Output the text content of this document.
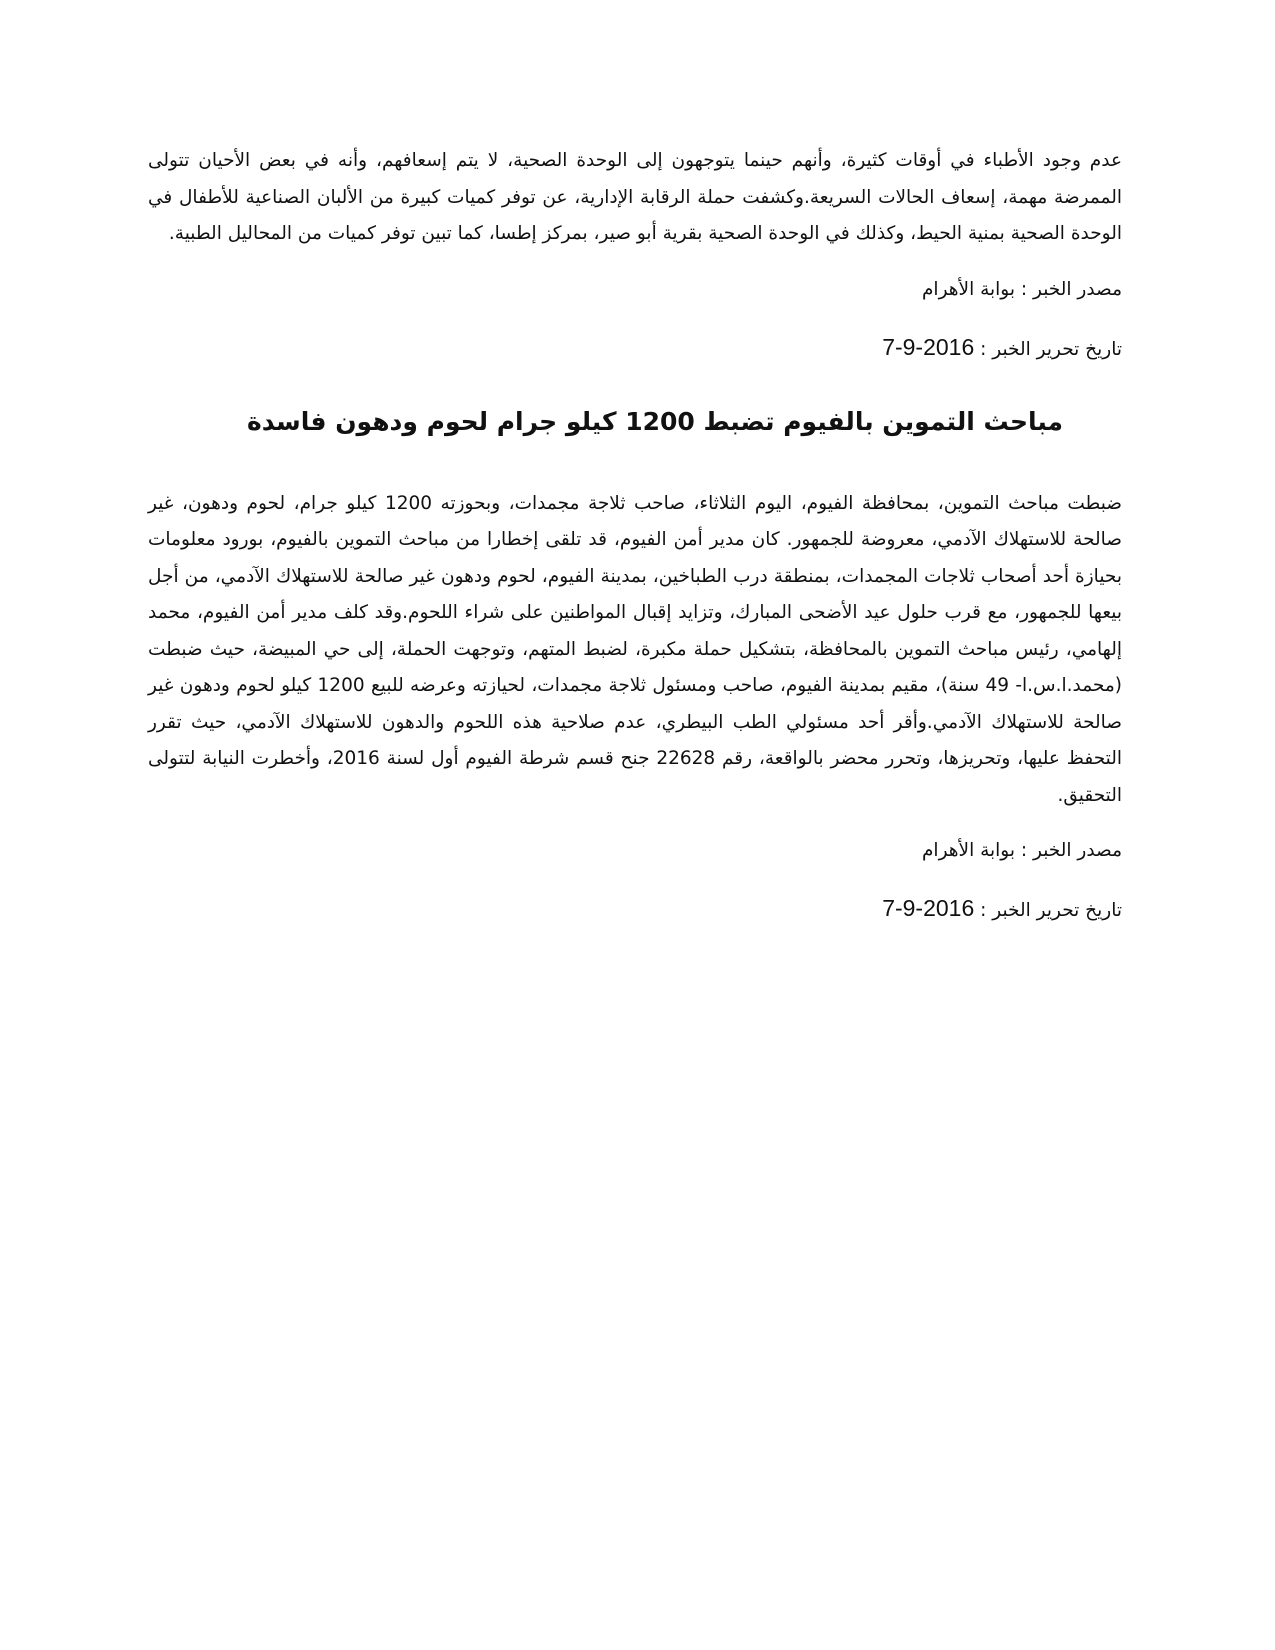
عدم وجود الأطباء في أوقات كثيرة، وأنهم حينما يتوجهون إلى الوحدة الصحية، لا يتم إسعافهم، وأنه في بعض الأحيان تتولى الممرضة مهمة، إسعاف الحالات السريعة.وكشفت حملة الرقابة الإدارية، عن توفر كميات كبيرة من الألبان الصناعية للأطفال في الوحدة الصحية بمنية الحيط، وكذلك في الوحدة الصحية بقرية أبو صير، بمركز إطسا، كما تبين توفر كميات من المحاليل الطبية.

مصدر الخبر : بوابة الأهرام

تاريخ تحرير الخبر : 7-9-2016

مباحث التموين بالفيوم تضبط 1200 كيلو جرام لحوم ودهون فاسدة

ضبطت مباحث التموين، بمحافظة الفيوم، اليوم الثلاثاء، صاحب ثلاجة مجمدات، وبحوزته 1200 كيلو جرام، لحوم ودهون، غير صالحة للاستهلاك الآدمي، معروضة للجمهور. كان مدير أمن الفيوم، قد تلقى إخطارا من مباحث التموين بالفيوم، بورود معلومات بحيازة أحد أصحاب ثلاجات المجمدات، بمنطقة درب الطباخين، بمدينة الفيوم، لحوم ودهون غير صالحة للاستهلاك الآدمي، من أجل بيعها للجمهور، مع قرب حلول عيد الأضحى المبارك، وتزايد إقبال المواطنين على شراء اللحوم.وقد كلف مدير أمن الفيوم، محمد إلهامي، رئيس مباحث التموين بالمحافظة، بتشكيل حملة مكبرة، لضبط المتهم، وتوجهت الحملة، إلى حي المبيضة، حيث ضبطت (محمد.ا.س.ا- 49 سنة)، مقيم بمدينة الفيوم، صاحب ومسئول ثلاجة مجمدات، لحيازته وعرضه للبيع 1200 كيلو لحوم ودهون غير صالحة للاستهلاك الآدمي.وأقر أحد مسئولي الطب البيطري، عدم صلاحية هذه اللحوم والدهون للاستهلاك الآدمي، حيث تقرر التحفظ عليها، وتحريزها، وتحرر محضر بالواقعة، رقم 22628 جنح قسم شرطة الفيوم أول لسنة 2016، وأخطرت النيابة لتتولى التحقيق.

مصدر الخبر : بوابة الأهرام

تاريخ تحرير الخبر : 7-9-2016
